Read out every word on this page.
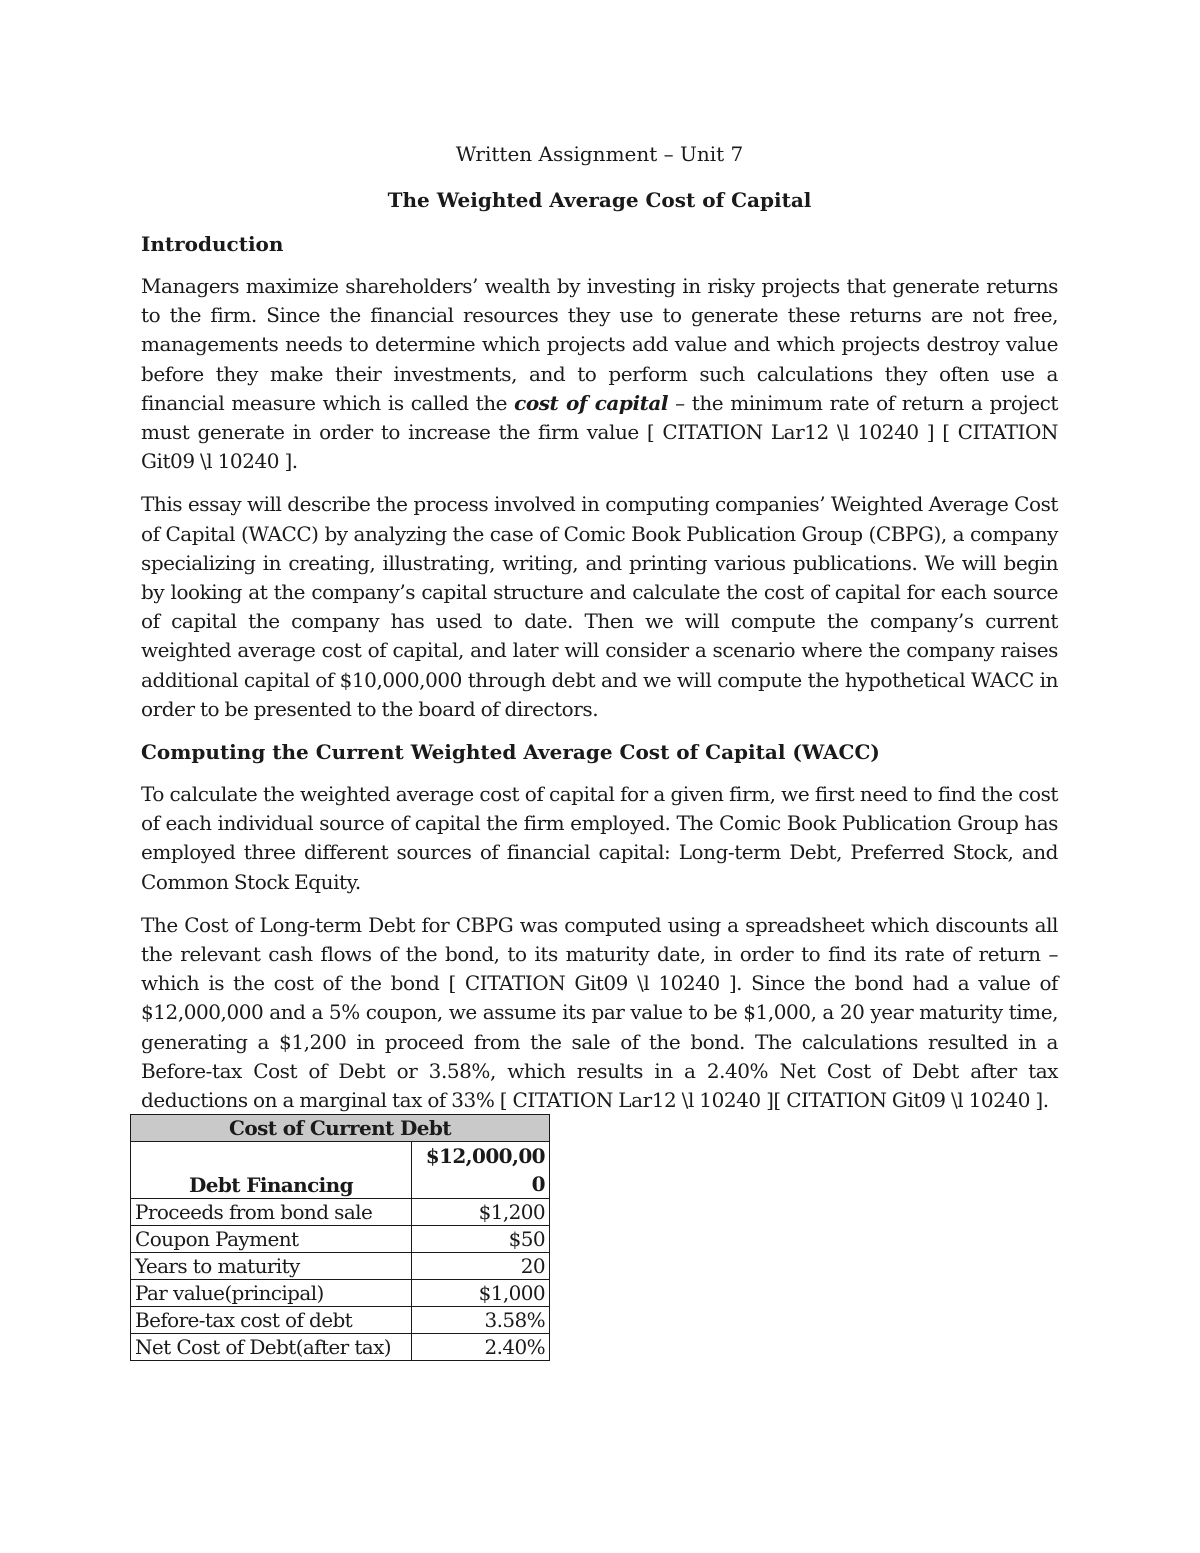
Written Assignment – Unit 7

The Weighted Average Cost of Capital

Introduction

Managers maximize shareholders’ wealth by investing in risky projects that generate returns to the firm. Since the financial resources they use to generate these returns are not free, managements needs to determine which projects add value and which projects destroy value before they make their investments, and to perform such calculations they often use a financial measure which is called the cost of capital – the minimum rate of return a project must generate in order to increase the firm value [ CITATION Lar12 \l 10240 ] [ CITATION Git09 \l 10240 ].

This essay will describe the process involved in computing companies’ Weighted Average Cost of Capital (WACC) by analyzing the case of Comic Book Publication Group (CBPG), a company specializing in creating, illustrating, writing, and printing various publications. We will begin by looking at the company’s capital structure and calculate the cost of capital for each source of capital the company has used to date. Then we will compute the company’s current weighted average cost of capital, and later will consider a scenario where the company raises additional capital of $10,000,000 through debt and we will compute the hypothetical WACC in order to be presented to the board of directors.

Computing the Current Weighted Average Cost of Capital (WACC)

To calculate the weighted average cost of capital for a given firm, we first need to find the cost of each individual source of capital the firm employed. The Comic Book Publication Group has employed three different sources of financial capital: Long-term Debt, Preferred Stock, and Common Stock Equity.

The Cost of Long-term Debt for CBPG was computed using a spreadsheet which discounts all the relevant cash flows of the bond, to its maturity date, in order to find its rate of return – which is the cost of the bond [ CITATION Git09 \l 10240 ]. Since the bond had a value of $12,000,000 and a 5% coupon, we assume its par value to be $1,000, a 20 year maturity time, generating a $1,200 in proceed from the sale of the bond. The calculations resulted in a Before-tax Cost of Debt or 3.58%, which results in a 2.40% Net Cost of Debt after tax deductions on a marginal tax of 33% [ CITATION Lar12 \l 10240 ][ CITATION Git09 \l 10240 ].

Cost of Current Debt	
Debt Financing	$12,000,000
Proceeds from bond sale	$1,200
Coupon Payment	$50
Years to maturity	20
Par value(principal)	$1,000
Before-tax cost of debt	3.58%
Net Cost of Debt(after tax)	2.40%
